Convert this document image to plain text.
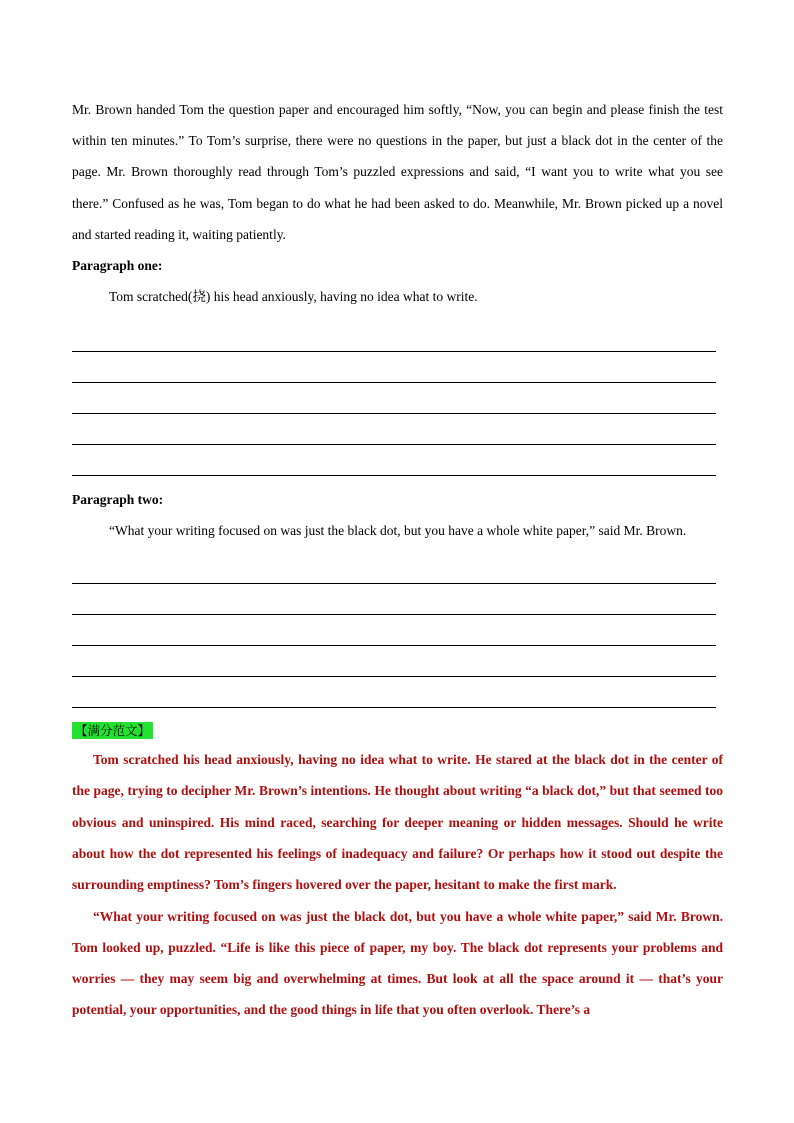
Mr. Brown handed Tom the question paper and encouraged him softly, “Now, you can begin and please finish the test within ten minutes.” To Tom’s surprise, there were no questions in the paper, but just a black dot in the center of the page. Mr. Brown thoroughly read through Tom’s puzzled expressions and said, “I want you to write what you see there.” Confused as he was, Tom began to do what he had been asked to do. Meanwhile, Mr. Brown picked up a novel and started reading it, waiting patiently.

Paragraph one:

Tom scratched(挠) his head anxiously, having no idea what to write.

Paragraph two:

“What your writing focused on was just the black dot, but you have a whole white paper,” said Mr. Brown.

【满分范文】

Tom scratched his head anxiously, having no idea what to write. He stared at the black dot in the center of the page, trying to decipher Mr. Brown’s intentions. He thought about writing “a black dot,” but that seemed too obvious and uninspired. His mind raced, searching for deeper meaning or hidden messages. Should he write about how the dot represented his feelings of inadequacy and failure? Or perhaps how it stood out despite the surrounding emptiness? Tom’s fingers hovered over the paper, hesitant to make the first mark.

“What your writing focused on was just the black dot, but you have a whole white paper,” said Mr. Brown. Tom looked up, puzzled. “Life is like this piece of paper, my boy. The black dot represents your problems and worries — they may seem big and overwhelming at times. But look at all the space around it — that’s your potential, your opportunities, and the good things in life that you often overlook. There’s a
